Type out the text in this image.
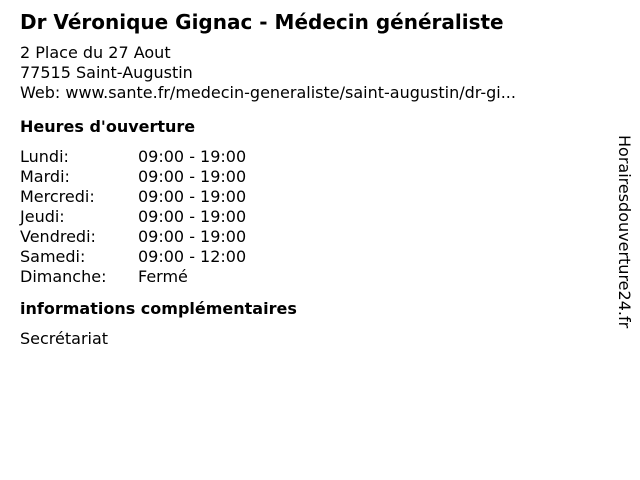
Dr Véronique Gignac - Médecin généraliste
2 Place du 27 Aout
77515 Saint-Augustin
Web: www.sante.fr/medecin-generaliste/saint-augustin/dr-gi...
Heures d'ouverture
Lundi:	09:00 - 19:00
Mardi:	09:00 - 19:00
Mercredi:	09:00 - 19:00
Jeudi:	09:00 - 19:00
Vendredi:	09:00 - 19:00
Samedi:	09:00 - 12:00
Dimanche:	Fermé
informations complémentaires
Secrétariat
Horairesdouverture24.fr
